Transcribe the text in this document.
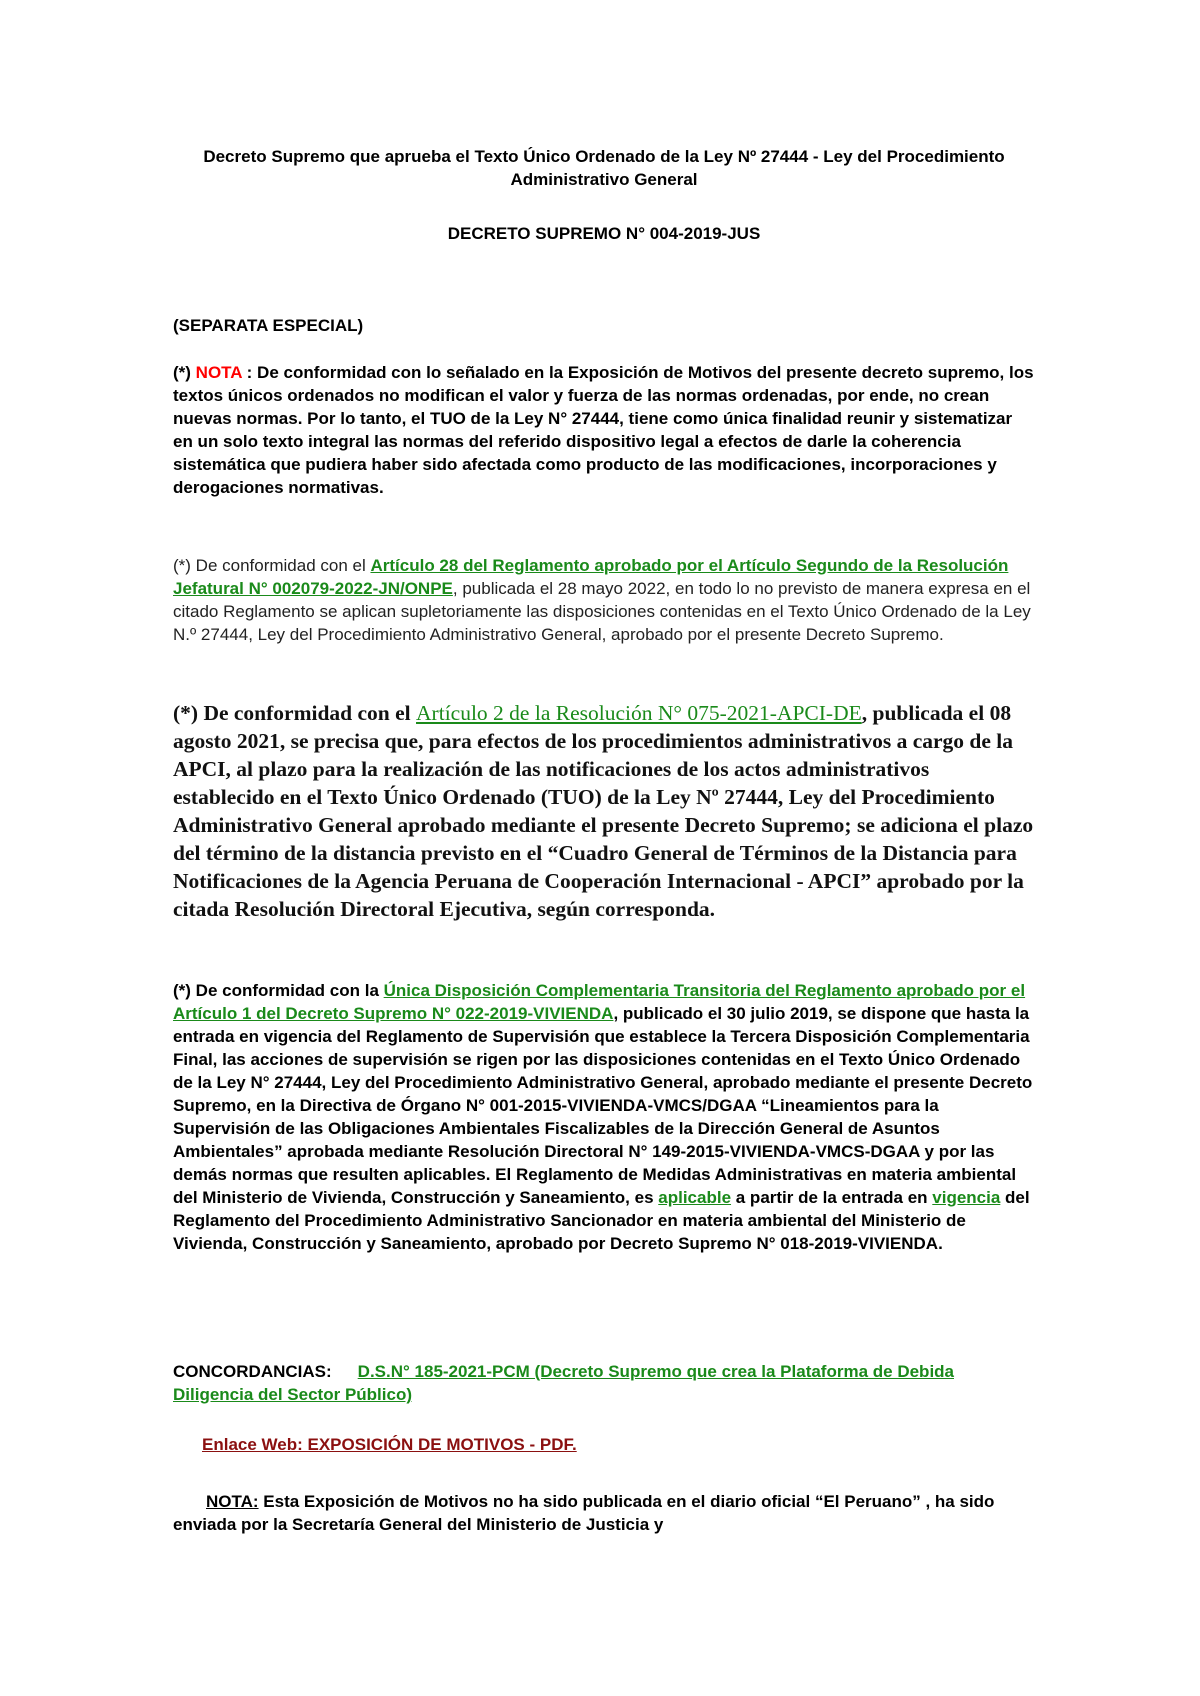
Decreto Supremo que aprueba el Texto Único Ordenado de la Ley Nº 27444 - Ley del Procedimiento Administrativo General

DECRETO SUPREMO N° 004-2019-JUS

(SEPARATA ESPECIAL)

(*) NOTA : De conformidad con lo señalado en la Exposición de Motivos del presente decreto supremo, los textos únicos ordenados no modifican el valor y fuerza de las normas ordenadas, por ende, no crean nuevas normas. Por lo tanto, el TUO de la Ley N° 27444, tiene como única finalidad reunir y sistematizar en un solo texto integral las normas del referido dispositivo legal a efectos de darle la coherencia sistemática que pudiera haber sido afectada como producto de las modificaciones, incorporaciones y derogaciones normativas.

(*) De conformidad con el Artículo 28 del Reglamento aprobado por el Artículo Segundo de la Resolución Jefatural N° 002079-2022-JN/ONPE, publicada el 28 mayo 2022, en todo lo no previsto de manera expresa en el citado Reglamento se aplican supletoriamente las disposiciones contenidas en el Texto Único Ordenado de la Ley N.º 27444, Ley del Procedimiento Administrativo General, aprobado por el presente Decreto Supremo.

(*) De conformidad con el Artículo 2 de la Resolución N° 075-2021-APCI-DE, publicada el 08 agosto 2021, se precisa que, para efectos de los procedimientos administrativos a cargo de la APCI, al plazo para la realización de las notificaciones de los actos administrativos establecido en el Texto Único Ordenado (TUO) de la Ley Nº 27444, Ley del Procedimiento Administrativo General aprobado mediante el presente Decreto Supremo; se adiciona el plazo del término de la distancia previsto en el “Cuadro General de Términos de la Distancia para Notificaciones de la Agencia Peruana de Cooperación Internacional - APCI” aprobado por la citada Resolución Directoral Ejecutiva, según corresponda.

(*) De conformidad con la Única Disposición Complementaria Transitoria del Reglamento aprobado por el Artículo 1 del Decreto Supremo N° 022-2019-VIVIENDA, publicado el 30 julio 2019, se dispone que hasta la entrada en vigencia del Reglamento de Supervisión que establece la Tercera Disposición Complementaria Final, las acciones de supervisión se rigen por las disposiciones contenidas en el Texto Único Ordenado de la Ley N° 27444, Ley del Procedimiento Administrativo General, aprobado mediante el presente Decreto Supremo, en la Directiva de Órgano N° 001-2015-VIVIENDA-VMCS/DGAA “Lineamientos para la Supervisión de las Obligaciones Ambientales Fiscalizables de la Dirección General de Asuntos Ambientales” aprobada mediante Resolución Directoral N° 149-2015-VIVIENDA-VMCS-DGAA y por las demás normas que resulten aplicables. El Reglamento de Medidas Administrativas en materia ambiental del Ministerio de Vivienda, Construcción y Saneamiento, es aplicable a partir de la entrada en vigencia del Reglamento del Procedimiento Administrativo Sancionador en materia ambiental del Ministerio de Vivienda, Construcción y Saneamiento, aprobado por Decreto Supremo N° 018-2019-VIVIENDA.

CONCORDANCIAS: D.S.N° 185-2021-PCM (Decreto Supremo que crea la Plataforma de Debida Diligencia del Sector Público)

Enlace Web: EXPOSICIÓN DE MOTIVOS - PDF.

NOTA: Esta Exposición de Motivos no ha sido publicada en el diario oficial “El Peruano” , ha sido enviada por la Secretaría General del Ministerio de Justicia y
